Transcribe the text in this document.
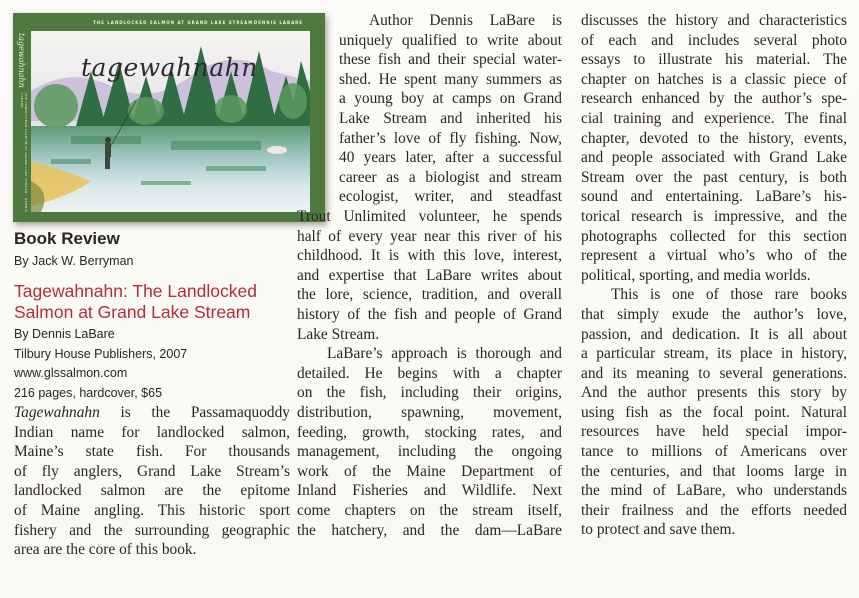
tagewahnahn
THE LANDLOCKED SALMON AT GRAND LAKE STREAM · DENNIS LABARE
THE LANDLOCKED SALMON AT GRAND LAKE STREAM DENNIS LABARE
tagewahnahn
Book Review
By Jack W. Berryman
Tagewahnahn: The Landlocked
Salmon at Grand Lake Stream
By Dennis LaBare
Tilbury House Publishers, 2007
www.glssalmon.com
216 pages, hardcover, $65
Tagewahnahn is the Passamaquoddy
Indian name for landlocked salmon,
Maine’s state fish. For thousands
of fly anglers, Grand Lake Stream’s
landlocked salmon are the epitome
of Maine angling. This historic sport
fishery and the surrounding geographic
area are the core of this book.
Author Dennis LaBare is
uniquely qualified to write about
these fish and their special water-
shed. He spent many summers as
a young boy at camps on Grand
Lake Stream and inherited his
father’s love of fly fishing. Now,
40 years later, after a successful
career as a biologist and stream
ecologist, writer, and steadfast
Trout Unlimited volunteer, he spends
half of every year near this river of his
childhood. It is with this love, interest,
and expertise that LaBare writes about
the lore, science, tradition, and overall
history of the fish and people of Grand
Lake Stream.
LaBare’s approach is thorough and
detailed. He begins with a chapter
on the fish, including their origins,
distribution, spawning, movement,
feeding, growth, stocking rates, and
management, including the ongoing
work of the Maine Department of
Inland Fisheries and Wildlife. Next
come chapters on the stream itself,
the hatchery, and the dam—LaBare
discusses the history and characteristics
of each and includes several photo
essays to illustrate his material. The
chapter on hatches is a classic piece of
research enhanced by the author’s spe-
cial training and experience. The final
chapter, devoted to the history, events,
and people associated with Grand Lake
Stream over the past century, is both
sound and entertaining. LaBare’s his-
torical research is impressive, and the
photographs collected for this section
represent a virtual who’s who of the
political, sporting, and media worlds.
This is one of those rare books
that simply exude the author’s love,
passion, and dedication. It is all about
a particular stream, its place in history,
and its meaning to several generations.
And the author presents this story by
using fish as the focal point. Natural
resources have held special impor-
tance to millions of Americans over
the centuries, and that looms large in
the mind of LaBare, who understands
their frailness and the efforts needed
to protect and save them.
